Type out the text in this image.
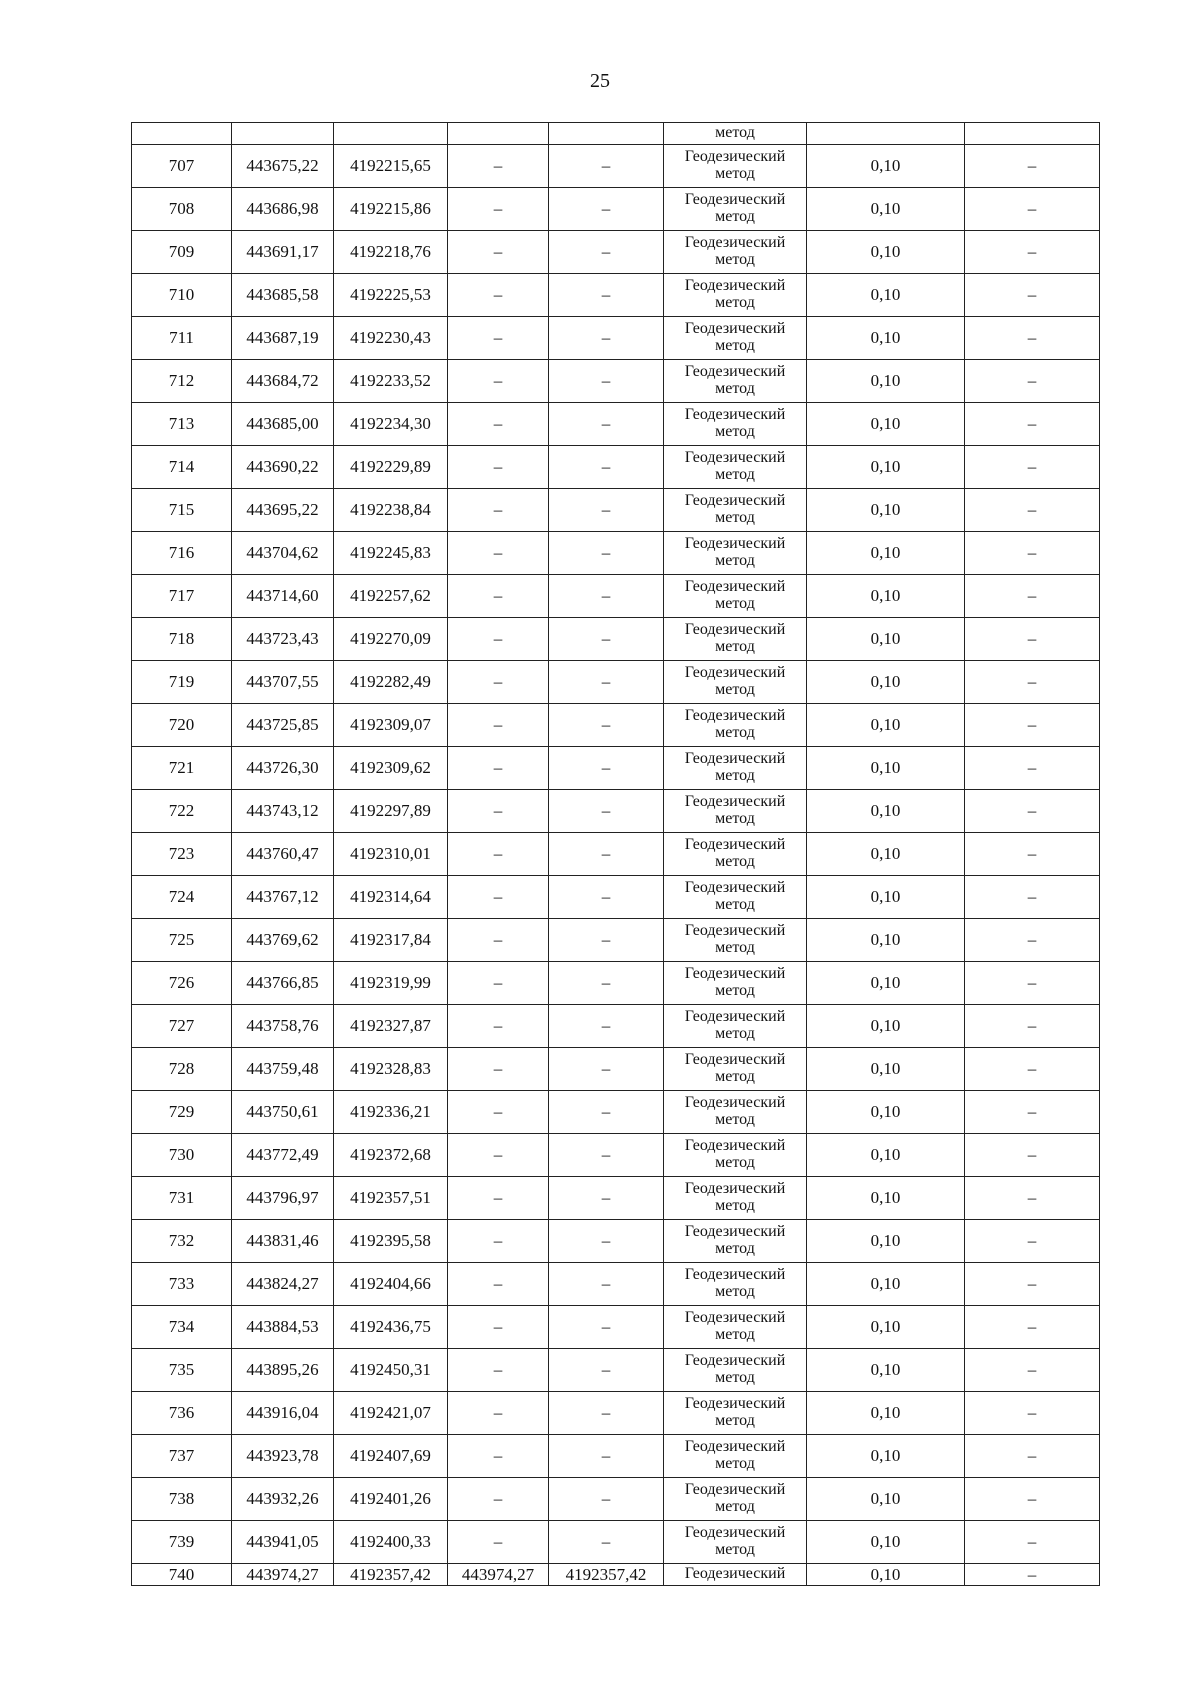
25
					метод		
707	443675,22	4192215,65	–	–	Геодезический метод	0,10	–
708	443686,98	4192215,86	–	–	Геодезический метод	0,10	–
709	443691,17	4192218,76	–	–	Геодезический метод	0,10	–
710	443685,58	4192225,53	–	–	Геодезический метод	0,10	–
711	443687,19	4192230,43	–	–	Геодезический метод	0,10	–
712	443684,72	4192233,52	–	–	Геодезический метод	0,10	–
713	443685,00	4192234,30	–	–	Геодезический метод	0,10	–
714	443690,22	4192229,89	–	–	Геодезический метод	0,10	–
715	443695,22	4192238,84	–	–	Геодезический метод	0,10	–
716	443704,62	4192245,83	–	–	Геодезический метод	0,10	–
717	443714,60	4192257,62	–	–	Геодезический метод	0,10	–
718	443723,43	4192270,09	–	–	Геодезический метод	0,10	–
719	443707,55	4192282,49	–	–	Геодезический метод	0,10	–
720	443725,85	4192309,07	–	–	Геодезический метод	0,10	–
721	443726,30	4192309,62	–	–	Геодезический метод	0,10	–
722	443743,12	4192297,89	–	–	Геодезический метод	0,10	–
723	443760,47	4192310,01	–	–	Геодезический метод	0,10	–
724	443767,12	4192314,64	–	–	Геодезический метод	0,10	–
725	443769,62	4192317,84	–	–	Геодезический метод	0,10	–
726	443766,85	4192319,99	–	–	Геодезический метод	0,10	–
727	443758,76	4192327,87	–	–	Геодезический метод	0,10	–
728	443759,48	4192328,83	–	–	Геодезический метод	0,10	–
729	443750,61	4192336,21	–	–	Геодезический метод	0,10	–
730	443772,49	4192372,68	–	–	Геодезический метод	0,10	–
731	443796,97	4192357,51	–	–	Геодезический метод	0,10	–
732	443831,46	4192395,58	–	–	Геодезический метод	0,10	–
733	443824,27	4192404,66	–	–	Геодезический метод	0,10	–
734	443884,53	4192436,75	–	–	Геодезический метод	0,10	–
735	443895,26	4192450,31	–	–	Геодезический метод	0,10	–
736	443916,04	4192421,07	–	–	Геодезический метод	0,10	–
737	443923,78	4192407,69	–	–	Геодезический метод	0,10	–
738	443932,26	4192401,26	–	–	Геодезический метод	0,10	–
739	443941,05	4192400,33	–	–	Геодезический метод	0,10	–
740	443974,27	4192357,42	443974,27	4192357,42	Геодезический	0,10	–
